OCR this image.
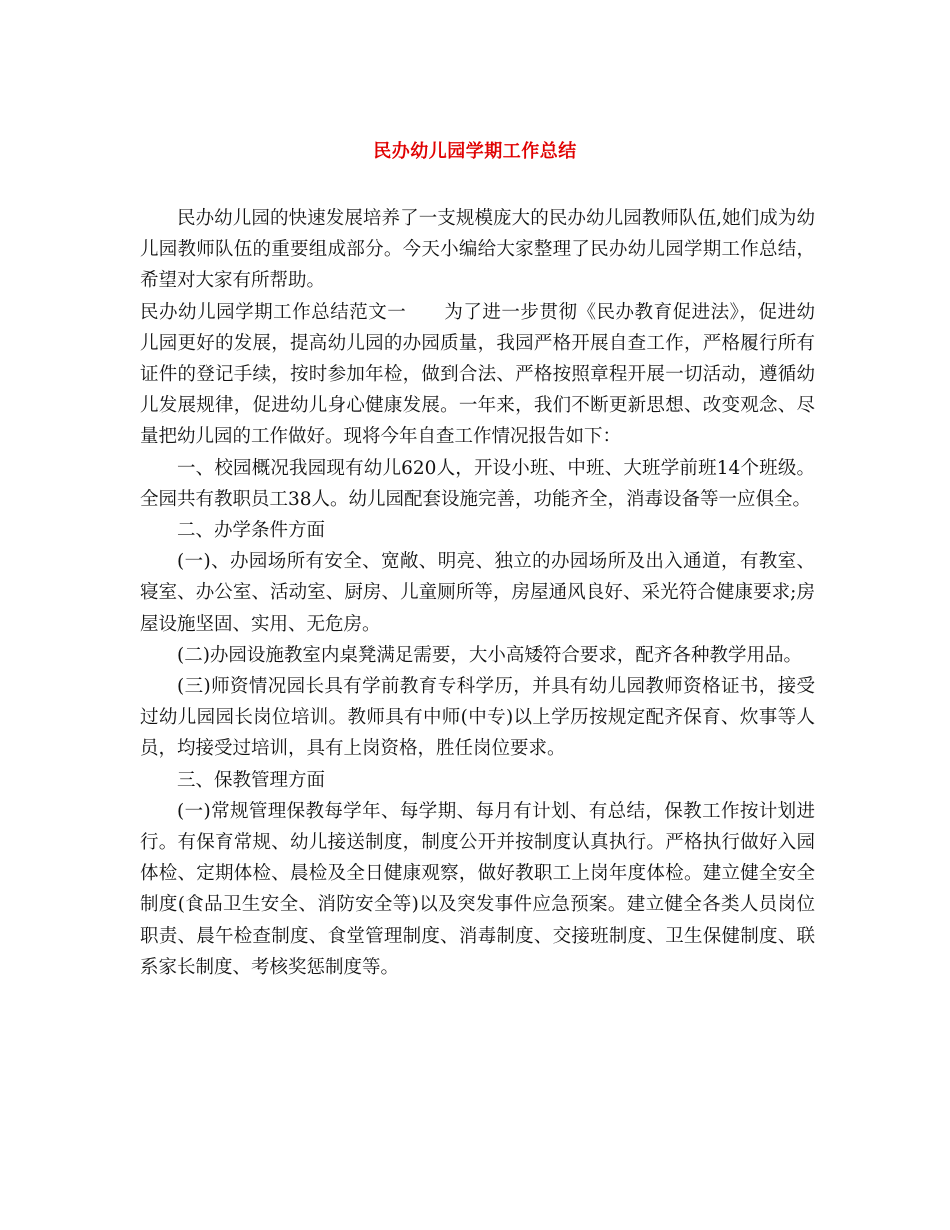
民办幼儿园学期工作总结

民办幼儿园的快速发展培养了一支规模庞大的民办幼儿园教师队伍,她们成为幼儿园教师队伍的重要组成部分。今天小编给大家整理了民办幼儿园学期工作总结，希望对大家有所帮助。

民办幼儿园学期工作总结范文一　　为了进一步贯彻《民办教育促进法》，促进幼儿园更好的发展，提高幼儿园的办园质量，我园严格开展自查工作，严格履行所有证件的登记手续，按时参加年检，做到合法、严格按照章程开展一切活动，遵循幼儿发展规律，促进幼儿身心健康发展。一年来，我们不断更新思想、改变观念、尽量把幼儿园的工作做好。现将今年自查工作情况报告如下：

一、校园概况我园现有幼儿620人，开设小班、中班、大班学前班14个班级。全园共有教职员工38人。幼儿园配套设施完善，功能齐全，消毒设备等一应俱全。

二、办学条件方面

(一)、办园场所有安全、宽敞、明亮、独立的办园场所及出入通道，有教室、寝室、办公室、活动室、厨房、儿童厕所等，房屋通风良好、采光符合健康要求;房屋设施坚固、实用、无危房。

(二)办园设施教室内桌凳满足需要，大小高矮符合要求，配齐各种教学用品。

(三)师资情况园长具有学前教育专科学历，并具有幼儿园教师资格证书，接受过幼儿园园长岗位培训。教师具有中师(中专)以上学历按规定配齐保育、炊事等人员，均接受过培训，具有上岗资格，胜任岗位要求。

三、保教管理方面

(一)常规管理保教每学年、每学期、每月有计划、有总结，保教工作按计划进行。有保育常规、幼儿接送制度，制度公开并按制度认真执行。严格执行做好入园体检、定期体检、晨检及全日健康观察，做好教职工上岗年度体检。建立健全安全制度(食品卫生安全、消防安全等)以及突发事件应急预案。建立健全各类人员岗位职责、晨午检查制度、食堂管理制度、消毒制度、交接班制度、卫生保健制度、联系家长制度、考核奖惩制度等。
